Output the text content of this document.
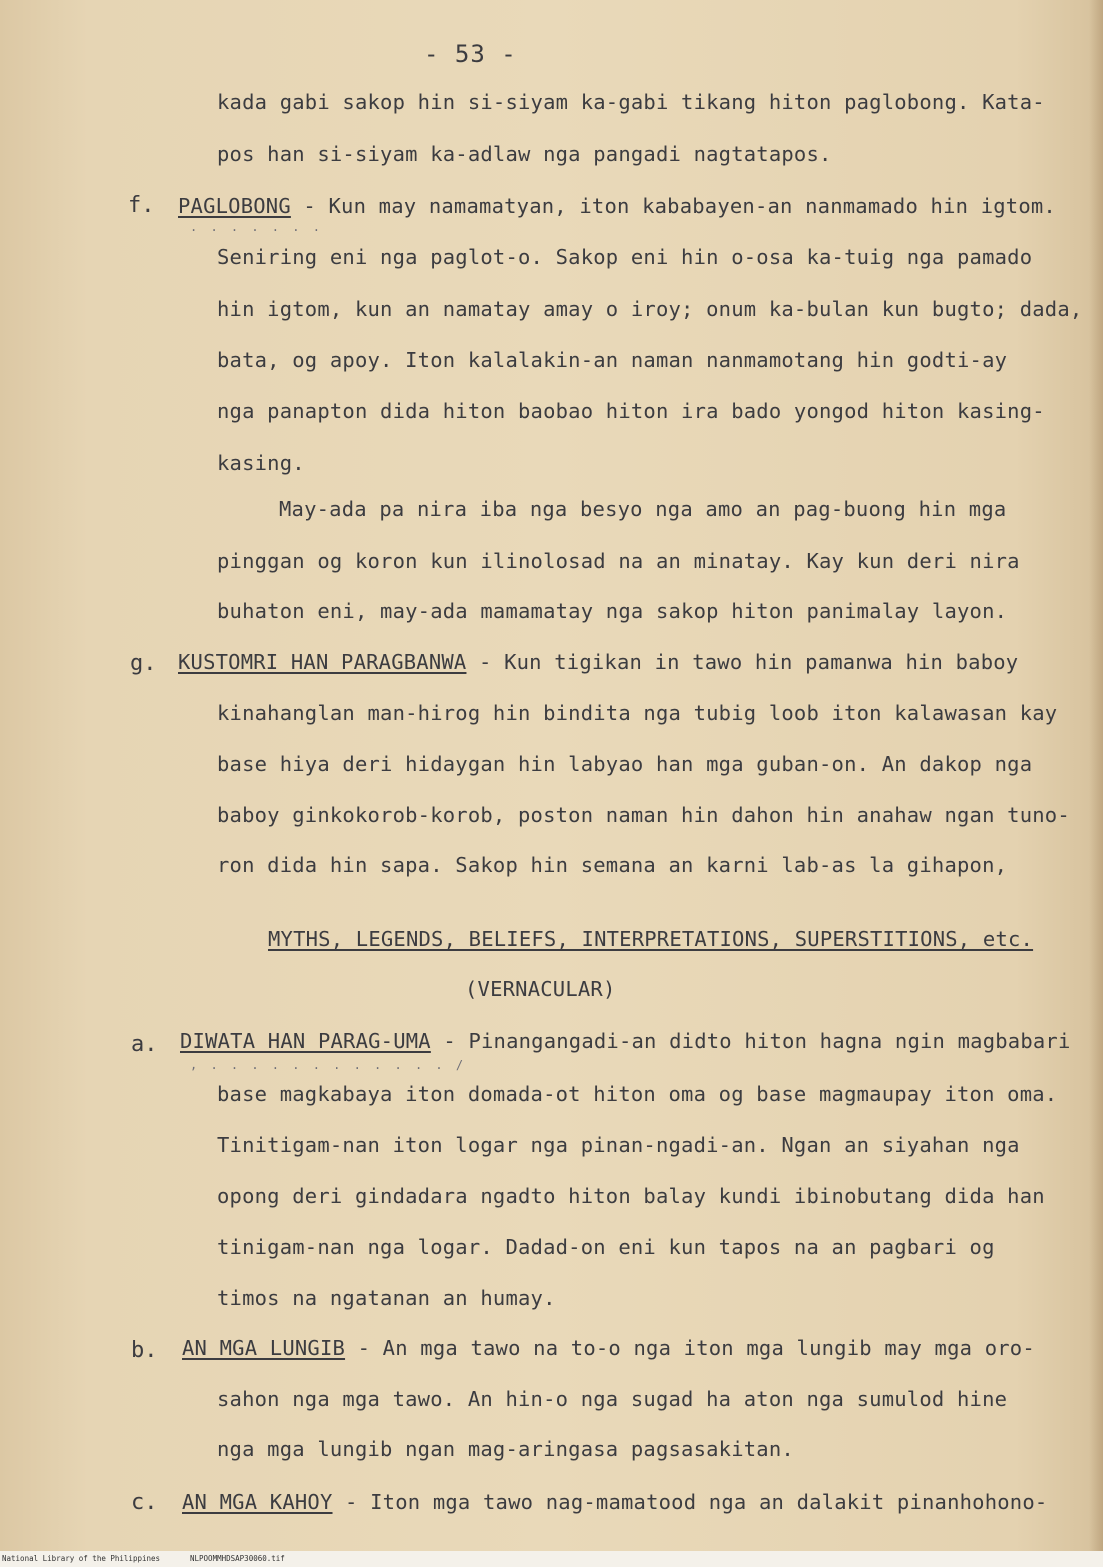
- 53 -
kada gabi sakop hin si-siyam ka-gabi tikang hiton paglobong. Kata-
pos han si-siyam ka-adlaw nga pangadi nagtatapos.
f. PAGLOBONG - Kun may namamatyan, iton kababayen-an nanmamado hin igtom.
. . . . . . .
Seniring eni nga paglot-o. Sakop eni hin o-osa ka-tuig nga pamado
hin igtom, kun an namatay amay o iroy; onum ka-bulan kun bugto; dada,
bata, og apoy. Iton kalalakin-an naman nanmamotang hin godti-ay
nga panapton dida hiton baobao hiton ira bado yongod hiton kasing-
kasing.
May-ada pa nira iba nga besyo nga amo an pag-buong hin mga
pinggan og koron kun ilinolosad na an minatay. Kay kun deri nira
buhaton eni, may-ada mamamatay nga sakop hiton panimalay layon.
g. KUSTOMRI HAN PARAGBANWA - Kun tigikan in tawo hin pamanwa hin baboy
kinahanglan man-hirog hin bindita nga tubig loob iton kalawasan kay
base hiya deri hidaygan hin labyao han mga guban-on. An dakop nga
baboy ginkokorob-korob, poston naman hin dahon hin anahaw ngan tuno-
ron dida hin sapa. Sakop hin semana an karni lab-as la gihapon,
MYTHS, LEGENDS, BELIEFS, INTERPRETATIONS, SUPERSTITIONS, etc.
(VERNACULAR)
a. DIWATA HAN PARAG-UMA - Pinangangadi-an didto hiton hagna ngin magbabari
, . . . . . . . . . . . . /
base magkabaya iton domada-ot hiton oma og base magmaupay iton oma.
Tinitigam-nan iton logar nga pinan-ngadi-an. Ngan an siyahan nga
opong deri gindadara ngadto hiton balay kundi ibinobutang dida han
tinigam-nan nga logar. Dadad-on eni kun tapos na an pagbari og
timos na ngatanan an humay.
b. AN MGA LUNGIB - An mga tawo na to-o nga iton mga lungib may mga oro-
sahon nga mga tawo. An hin-o nga sugad ha aton nga sumulod hine
nga mga lungib ngan mag-aringasa pagsasakitan.
c. AN MGA KAHOY - Iton mga tawo nag-mamatood nga an dalakit pinanhohono-
National Library of the Philippines	NLPOOMMHDSAP30060.tif
